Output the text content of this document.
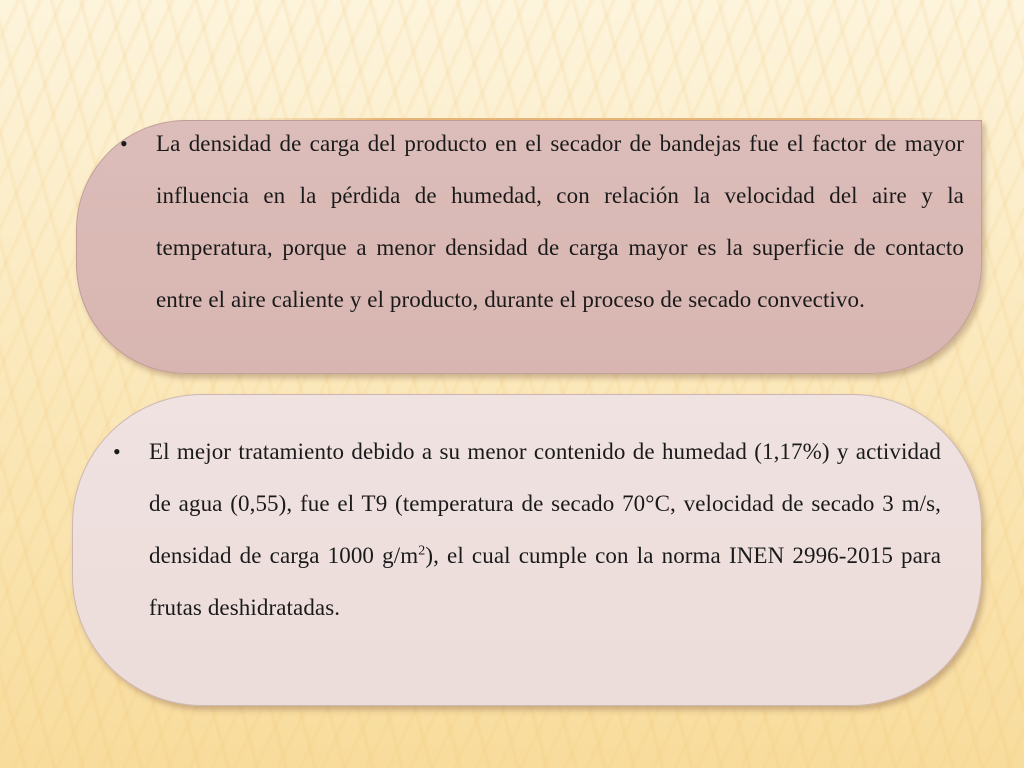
•	La densidad de carga del producto en el secador de bandejas fue el factor de mayor influencia en la pérdida de humedad, con relación la velocidad del aire y la temperatura, porque a menor densidad de carga mayor es la superficie de contacto entre el aire caliente y el producto, durante el proceso de secado convectivo.
•	El mejor tratamiento debido a su menor contenido de humedad (1,17%) y actividad de agua (0,55), fue el T9 (temperatura de secado 70°C, velocidad de secado 3 m/s, densidad de carga 1000 $g/m^2$), el cual cumple con la norma INEN 2996-2015 para frutas deshidratadas.
